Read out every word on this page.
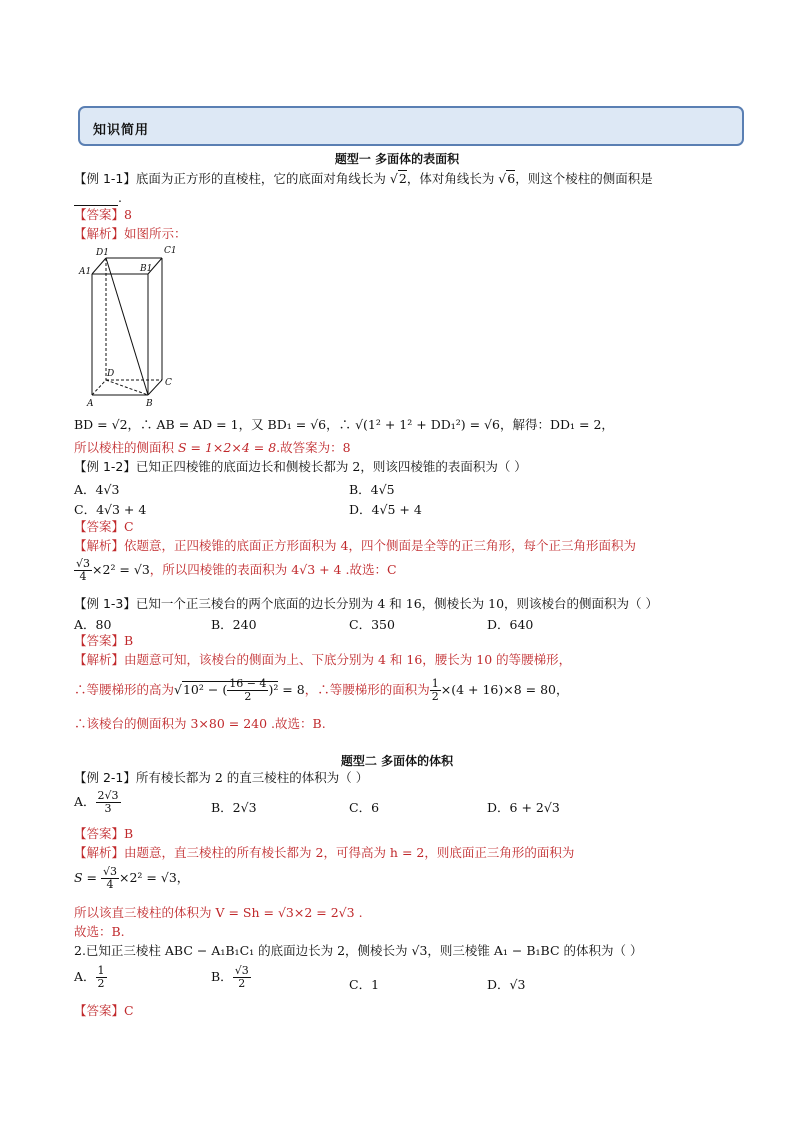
知识简用
题型一 多面体的表面积
【例 1-1】底面为正方形的直棱柱，它的底面对角线长为 √2，体对角线长为 √6，则这个棱柱的侧面积是
.
【答案】8
【解析】如图所示：
D1	C1
A1	B1
D
C
A	B
BD = √2，∴ AB = AD = 1，又 BD₁ = √6，∴ √(1² + 1² + DD₁²) = √6，解得：DD₁ = 2，
所以棱柱的侧面积 S = 1×2×4 = 8.故答案为：8
【例 1-2】已知正四棱锥的底面边长和侧棱长都为 2，则该四棱锥的表面积为（ ）
A．4√3	B．4√5
C．4√3 + 4	D．4√5 + 4
【答案】C
【解析】依题意，正四棱锥的底面正方形面积为 4，四个侧面是全等的正三角形，每个正三角形面积为
$\frac{√3}{4} \times 2^2 = √3$，所以四棱锥的表面积为 4√3 + 4 .故选：C
【例 1-3】已知一个正三棱台的两个底面的边长分别为 4 和 16，侧棱长为 10，则该棱台的侧面积为（ ）
A．80	B．240	C．350	D．640
【答案】B
【解析】由题意可知，该棱台的侧面为上、下底分别为 4 和 16，腰长为 10 的等腰梯形，
∴等腰梯形的高为√10² − ( $\frac{16 - 4}{2} )^2 = 8$，∴等腰梯形的面积为 $\frac{1}{2} \times(4 + 16)\times 8 = 80$，
∴该棱台的侧面积为 3×80 = 240 .故选：B.
题型二 多面体的体积
【例 2-1】所有棱长都为 2 的直三棱柱的体积为（ ）
A． $\frac{2√3}{3}$	B．2√3	C．6	D．6 + 2√3
【答案】B
【解析】由题意，直三棱柱的所有棱长都为 2，可得高为 h = 2，则底面正三角形的面积为
$S = \frac{√3}{4} \times 2^2 = √3$，
所以该直三棱柱的体积为 V = Sh = √3×2 = 2√3 .
故选：B.
2.已知正三棱柱 ABC − A₁B₁C₁ 的底面边长为 2，侧棱长为 √3，则三棱锥 A₁ − B₁BC 的体积为（ ）
A． $\frac{1}{2}$	B． $\frac{√3}{2}$	C．1	D．√3
【答案】C
